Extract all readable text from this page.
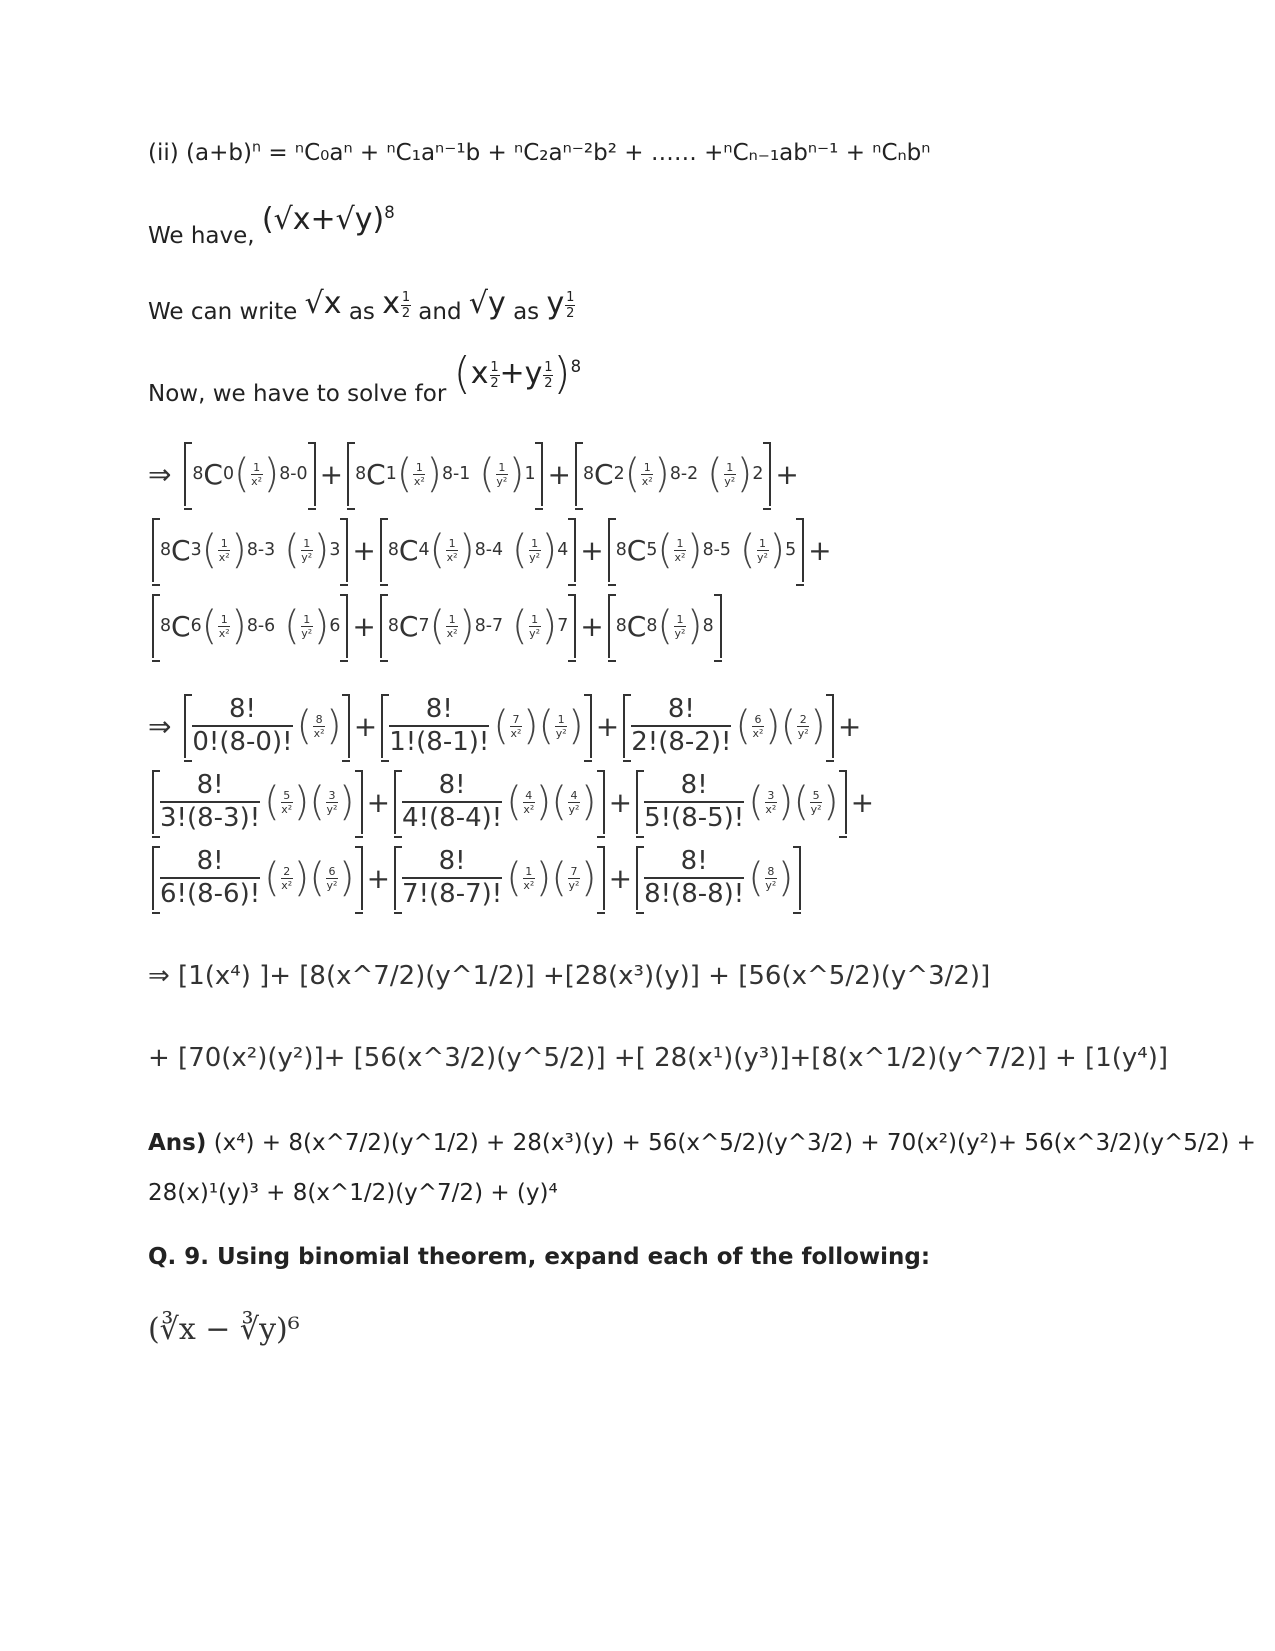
(ii) $(a+b)^n = ^nC_0a^n + ^nC_1a^{n-1}b + ^nC_2a^{n-2}b^2$ + …… +ⁿCₙ₋₁abⁿ⁻¹ + ⁿCₙbⁿ
We have, $(√x+√y)^8$
We can write √x as x $\frac{1}{2}$ and √y as y $\frac{1}{2}$
Now, we have to solve for $(x \frac{1}{2} +y \frac{1}{2} )^8$
⇒
8 C 0 ( 1
x² ) 8-0 + 8 C 1 ( 1
x² ) 8-1
( 1
y² ) 1 + 8 C 2 ( 1
x² ) 8-2
( 1
y² ) 2 +
8 C 3 ( 1
x² ) 8-3
( 1
y² ) 3 + 8 C 4 ( 1
x² ) 8-4
( 1
y² ) 4 + 8 C 5 ( 1
x² ) 8-5
( 1
y² ) 5 +
8 C 6 ( 1
x² ) 8-6
( 1
y² ) 6 + 8 C 7 ( 1
x² ) 8-7
( 1
y² ) 7 + 8 C 8 ( 1
y² ) 8
⇒

8!
0!(8-0)! ( 8
x² ) +
8!
1!(8-1)! ( 7
x² )( 1
y² ) +
8!
2!(8-2)! ( 6
x² )( 2
y² ) +
8!
3!(8-3)! ( 5
x² )( 3
y² ) +
8!
4!(8-4)! ( 4
x² )( 4
y² ) +
8!
5!(8-5)! ( 3
x² )( 5
y² ) +
8!
6!(8-6)! ( 2
x² )( 6
y² ) +
8!
7!(8-7)! ( 1
x² )( 7
y² ) +
8!
8!(8-8)! ( 8
y² )
⇒ [1(x⁴) ]+ [8(x^7/2)(y^1/2)] +[28(x³)(y)] + [56(x^5/2)(y^3/2)]
+ [70(x²)(y²)]+ [56(x^3/2)(y^5/2)] +[ 28(x¹)(y³)]+[8(x^1/2)(y^7/2)] + [1(y⁴)]
Ans)
(x⁴) + 8(x^7/2)(y^1/2) + 28(x³)(y) + 56(x^5/2)(y^3/2) + 70(x²)(y²)+ 56(x^3/2)(y^5/2) +
28(x)¹(y)³ + 8(x^1/2)(y^7/2) + (y)⁴
Q. 9. Using binomial theorem, expand each of the following:
(∛x − ∛y)⁶
